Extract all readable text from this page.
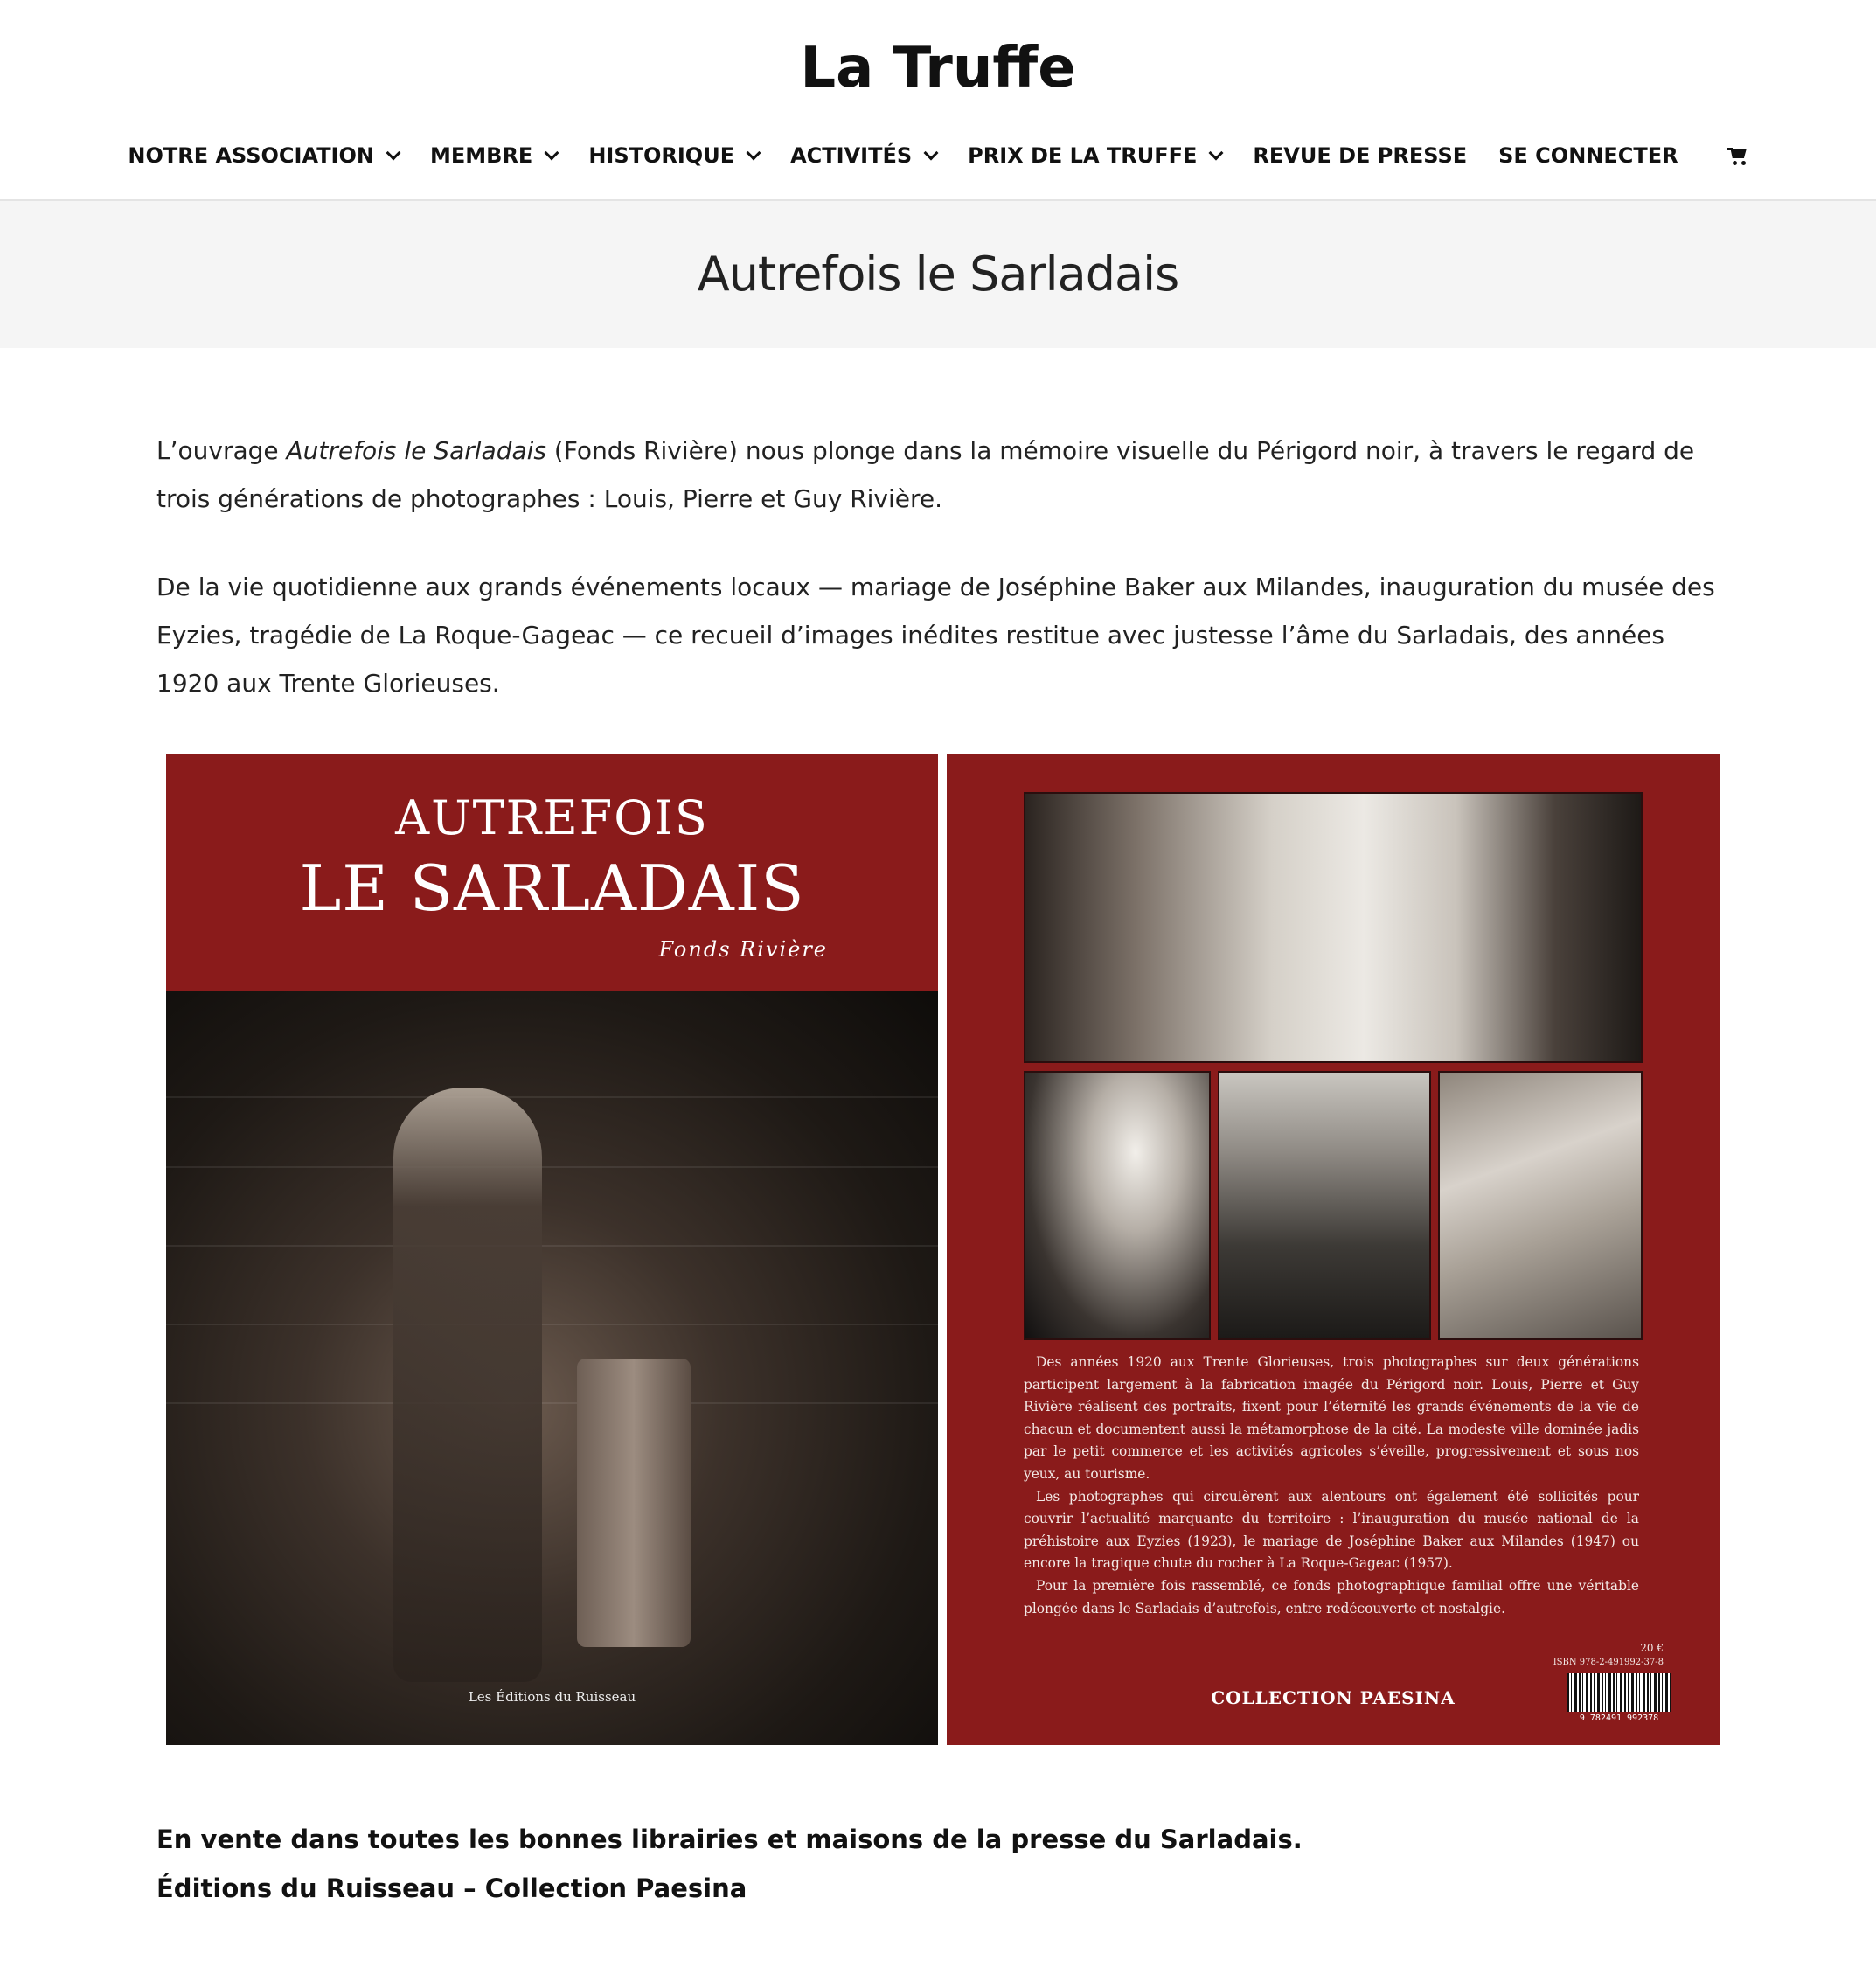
La Truffe
NOTRE ASSOCIATION	MEMBRE	HISTORIQUE	ACTIVITÉS	PRIX DE LA TRUFFE	REVUE DE PRESSE SE CONNECTER
Autrefois le Sarladais

L’ouvrage Autrefois le Sarladais (Fonds Rivière) nous plonge dans la mémoire visuelle du Périgord noir, à travers le regard de trois générations de photographes : Louis, Pierre et Guy Rivière.

De la vie quotidienne aux grands événements locaux — mariage de Joséphine Baker aux Milandes, inauguration du musée des Eyzies, tragédie de La Roque-Gageac — ce recueil d’images inédites restitue avec justesse l’âme du Sarladais, des années 1920 aux Trente Glorieuses.

AUTREFOIS
LE SARLADAIS
Fonds Rivière
Les Éditions du Ruisseau

Des années 1920 aux Trente Glorieuses, trois photographes sur deux générations participent largement à la fabrication imagée du Périgord noir. Louis, Pierre et Guy Rivière réalisent des portraits, fixent pour l’éternité les grands événements de la vie de chacun et documentent aussi la métamorphose de la cité. La modeste ville dominée jadis par le petit commerce et les activités agricoles s’éveille, progressivement et sous nos yeux, au tourisme.
Les photographes qui circulèrent aux alentours ont également été sollicités pour couvrir l’actualité marquante du territoire : l’inauguration du musée national de la préhistoire aux Eyzies (1923), le mariage de Joséphine Baker aux Milandes (1947) ou encore la tragique chute du rocher à La Roque-Gageac (1957).
Pour la première fois rassemblé, ce fonds photographique familial offre une véritable plongée dans le Sarladais d’autrefois, entre redécouverte et nostalgie.

20 €
ISBN 978-2-491992-37-8
9 782491 992378
COLLECTION PAESINA

En vente dans toutes les bonnes librairies et maisons de la presse du Sarladais.

Éditions du Ruisseau – Collection Paesina
